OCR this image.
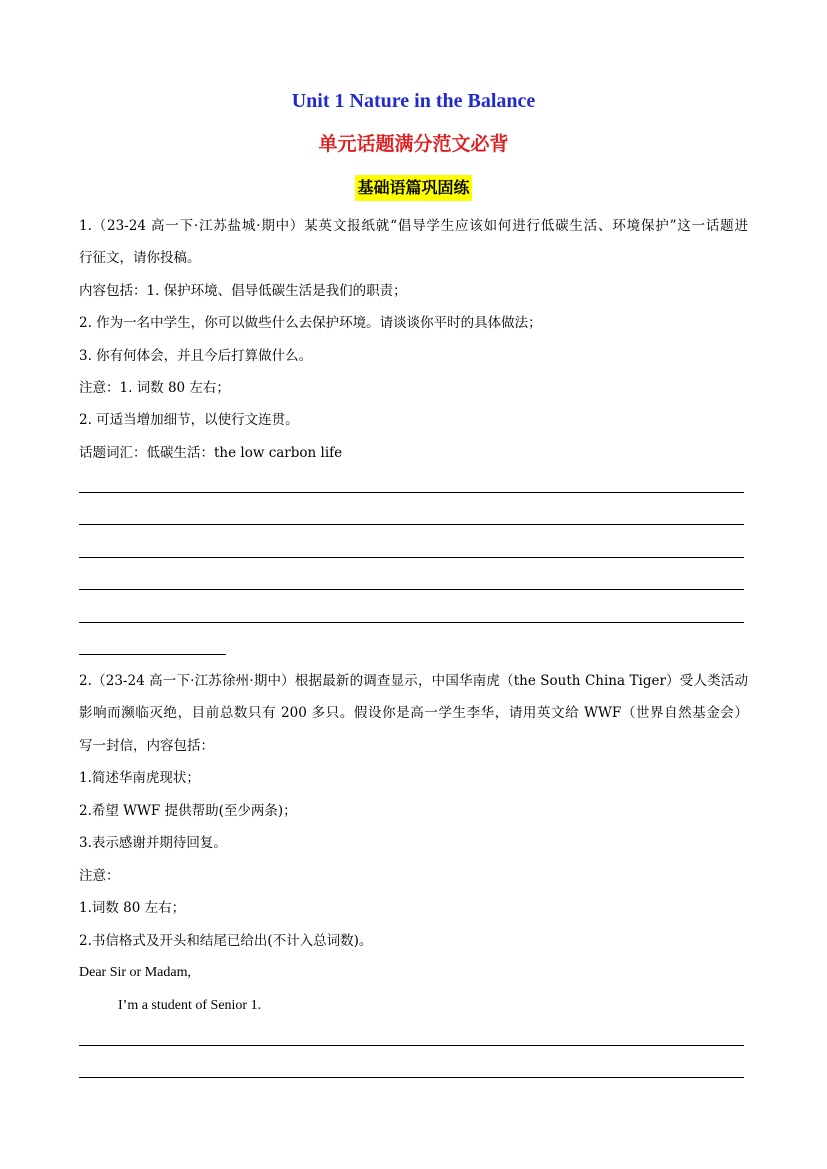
Unit 1 Nature in the Balance
单元话题满分范文必背
基础语篇巩固练
1.（23-24 高一下·江苏盐城·期中）某英文报纸就“倡导学生应该如何进行低碳生活、环境保护”这一话题进
行征文，请你投稿。
内容包括：1. 保护环境、倡导低碳生活是我们的职责；
2. 作为一名中学生，你可以做些什么去保护环境。请谈谈你平时的具体做法；
3. 你有何体会，并且今后打算做什么。
注意：1. 词数 80 左右；
2. 可适当增加细节，以使行文连贯。
话题词汇：低碳生活：the low carbon life
2.（23-24 高一下·江苏徐州·期中）根据最新的调查显示，中国华南虎（the South China Tiger）受人类活动
影响而濒临灭绝，目前总数只有 200 多只。假设你是高一学生李华，请用英文给 WWF（世界自然基金会）
写一封信，内容包括：
1.简述华南虎现状；
2.希望 WWF 提供帮助(至少两条)；
3.表示感谢并期待回复。
注意：
1.词数 80 左右；
2.书信格式及开头和结尾已给出(不计入总词数)。
Dear Sir or Madam,
I’m a student of Senior 1.
